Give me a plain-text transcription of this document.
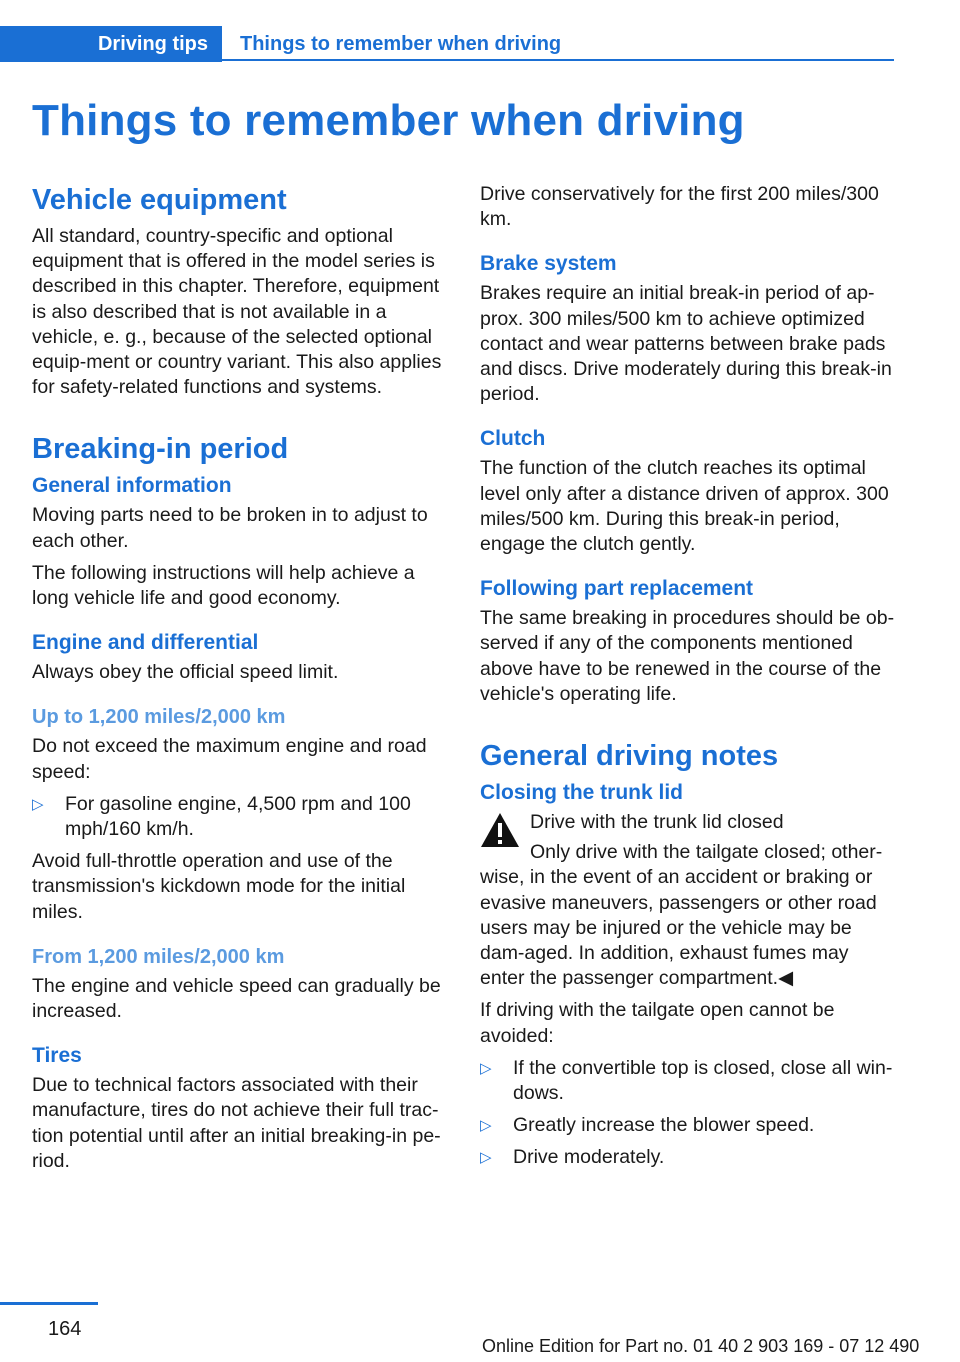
Driving tips	Things to remember when driving
Things to remember when driving
Vehicle equipment

All standard, country-specific and optional equipment that is offered in the model series is described in this chapter. Therefore, equipment is also described that is not available in a vehicle, e. g., because of the selected optional equip-ment or country variant. This also applies for safety-related functions and systems.

Breaking-in period
General information

Moving parts need to be broken in to adjust to each other.

The following instructions will help achieve a long vehicle life and good economy.

Engine and differential

Always obey the official speed limit.

Up to 1,200 miles/2,000 km

Do not exceed the maximum engine and road speed:

▷ For gasoline engine, 4,500 rpm and 100 mph/160 km/h.

Avoid full-throttle operation and use of the transmission's kickdown mode for the initial miles.

From 1,200 miles/2,000 km

The engine and vehicle speed can gradually be increased.

Tires

Due to technical factors associated with their manufacture, tires do not achieve their full trac-tion potential until after an initial breaking-in pe-riod.

Drive conservatively for the first 200 miles/300 km.

Brake system

Brakes require an initial break-in period of ap-prox. 300 miles/500 km to achieve optimized contact and wear patterns between brake pads and discs. Drive moderately during this break-in period.

Clutch

The function of the clutch reaches its optimal level only after a distance driven of approx. 300 miles/500 km. During this break-in period, engage the clutch gently.

Following part replacement

The same breaking in procedures should be ob-served if any of the components mentioned above have to be renewed in the course of the vehicle's operating life.

General driving notes
Closing the trunk lid

Drive with the trunk lid closed

Only drive with the tailgate closed; other-wise, in the event of an accident or braking or evasive maneuvers, passengers or other road users may be injured or the vehicle may be dam-aged. In addition, exhaust fumes may enter the passenger compartment.◀

If driving with the tailgate open cannot be avoided:

▷ If the convertible top is closed, close all win-dows.
▷ Greatly increase the blower speed.
▷ Drive moderately.
164
Online Edition for Part no. 01 40 2 903 169 - 07 12 490
